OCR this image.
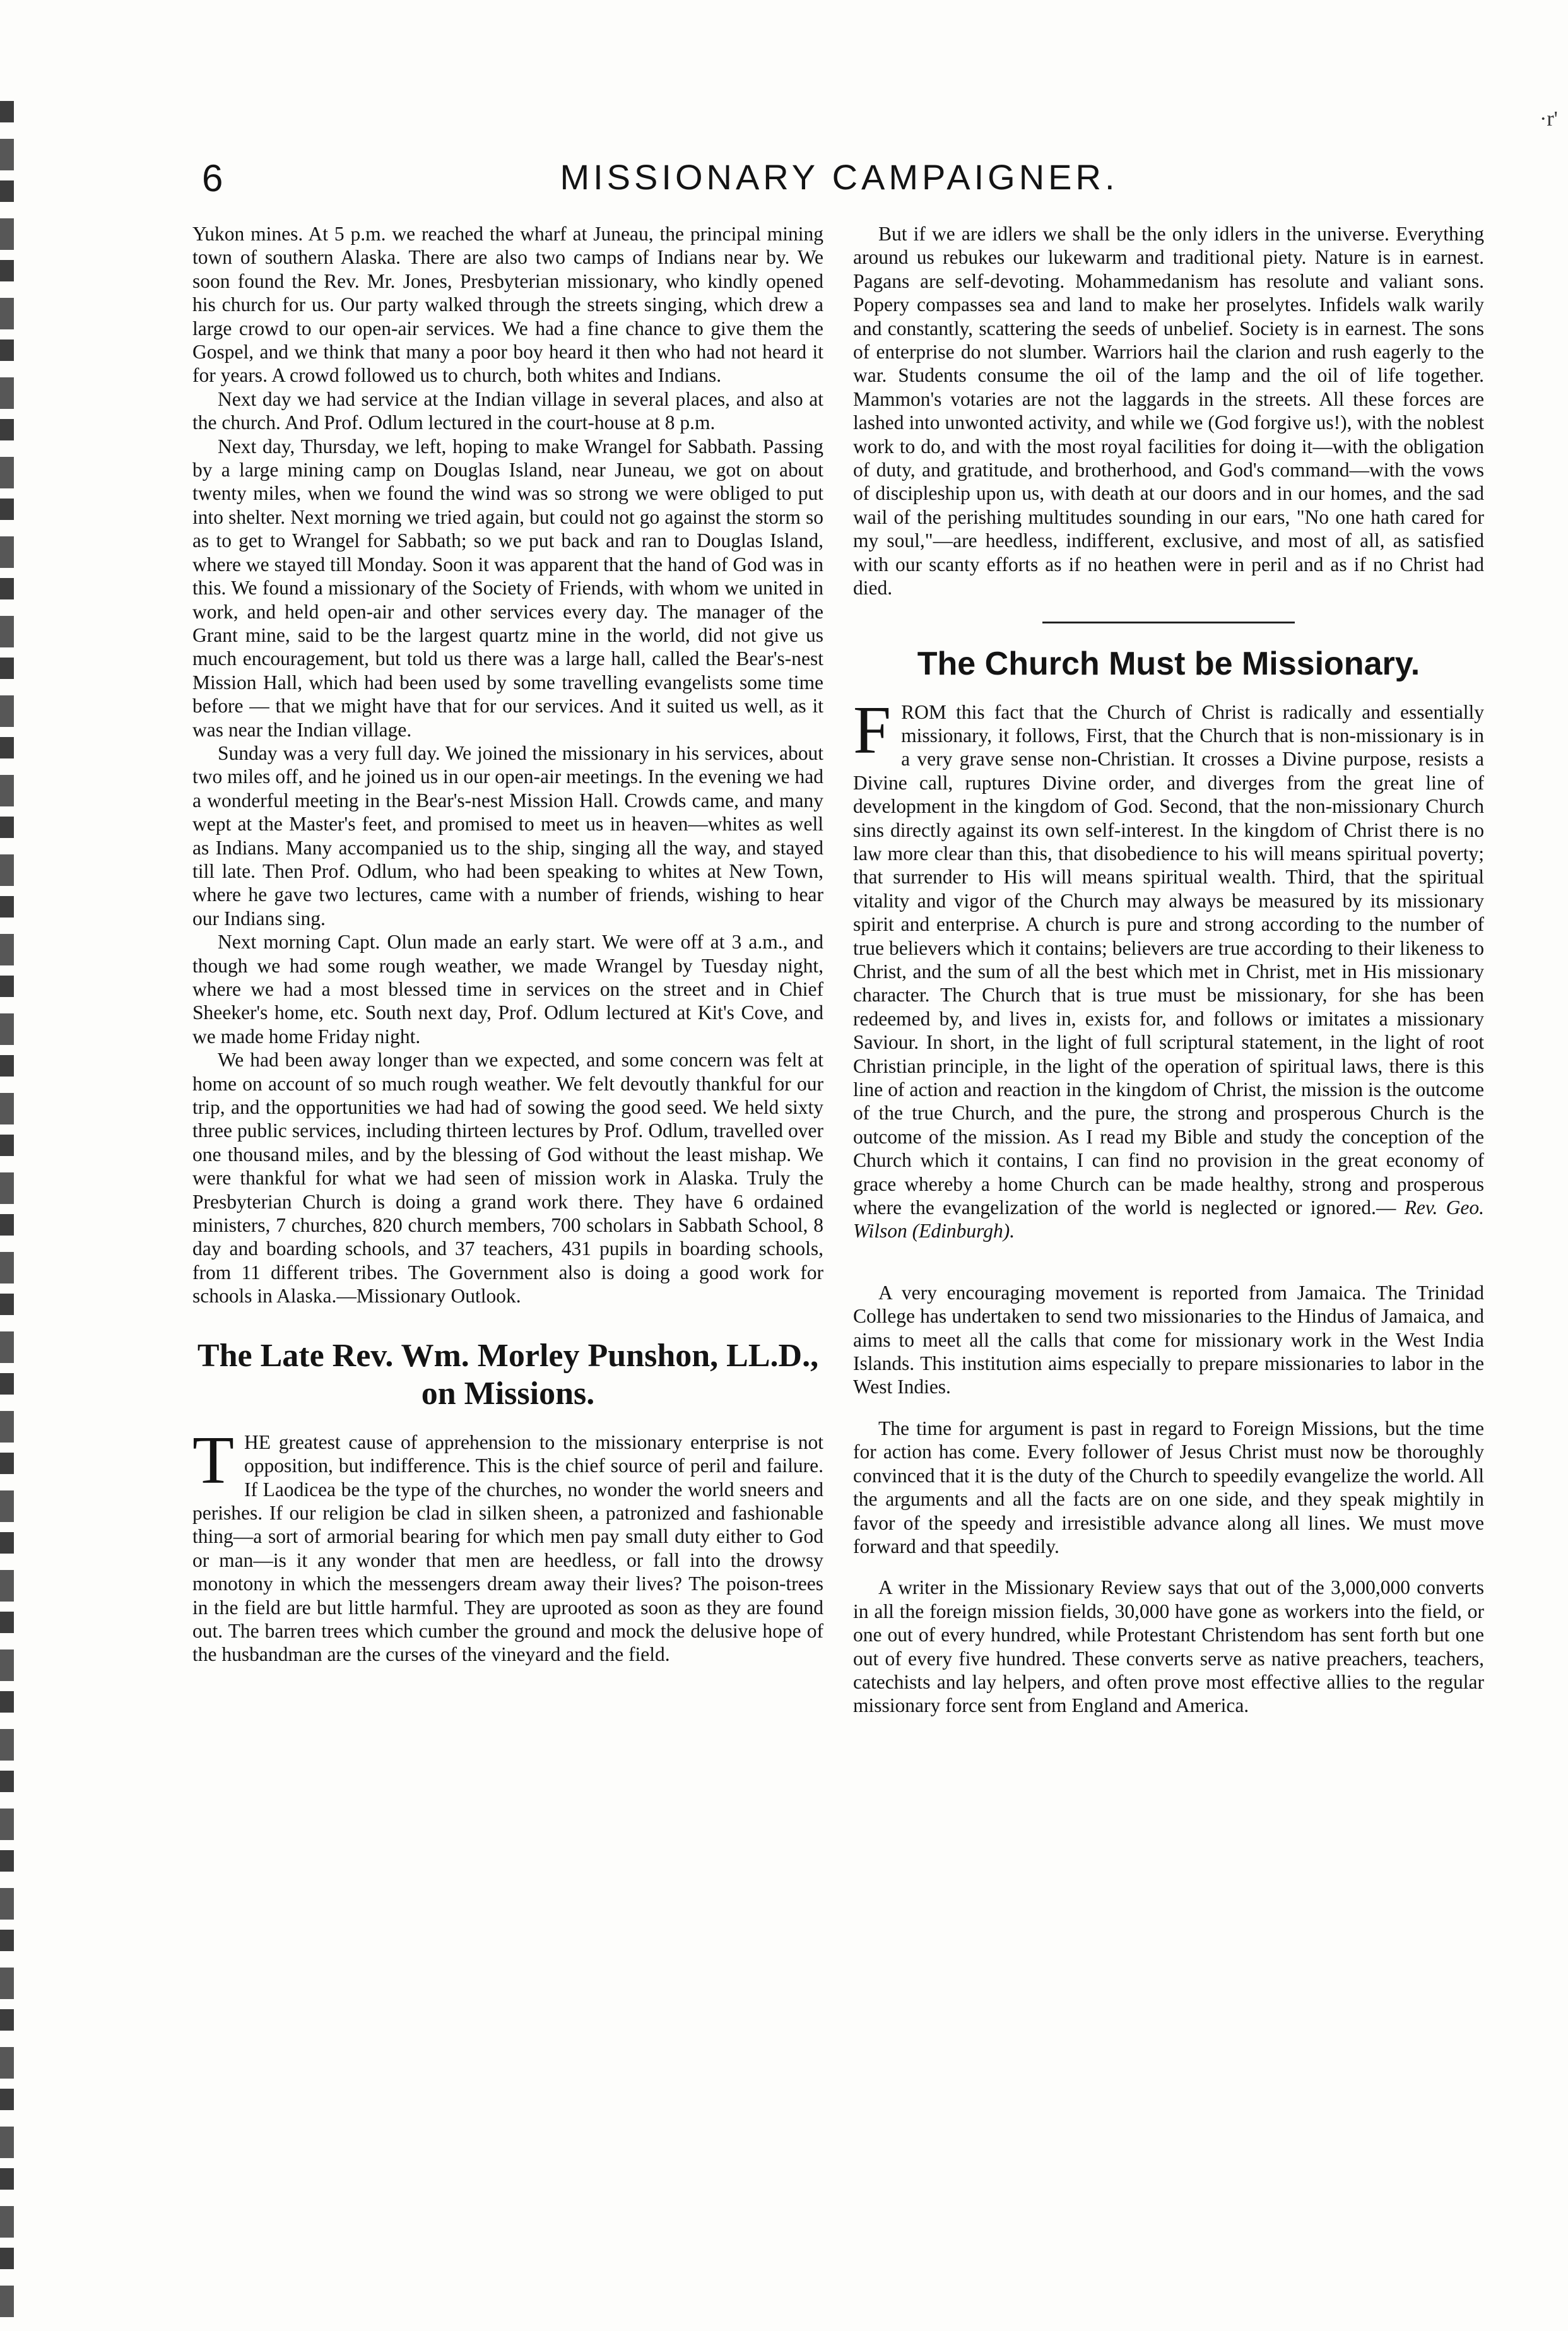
·r'
6	MISSIONARY CAMPAIGNER.

Yukon mines. At 5 p.m. we reached the wharf at Juneau, the principal mining town of southern Alaska. There are also two camps of Indians near by. We soon found the Rev. Mr. Jones, Presbyterian missionary, who kindly opened his church for us. Our party walked through the streets singing, which drew a large crowd to our open-air services. We had a fine chance to give them the Gospel, and we think that many a poor boy heard it then who had not heard it for years. A crowd followed us to church, both whites and Indians.

Next day we had service at the Indian village in several places, and also at the church. And Prof. Odlum lectured in the court-house at 8 p.m.

Next day, Thursday, we left, hoping to make Wrangel for Sabbath. Passing by a large mining camp on Douglas Island, near Juneau, we got on about twenty miles, when we found the wind was so strong we were obliged to put into shelter. Next morning we tried again, but could not go against the storm so as to get to Wrangel for Sabbath; so we put back and ran to Douglas Island, where we stayed till Monday. Soon it was apparent that the hand of God was in this. We found a missionary of the Society of Friends, with whom we united in work, and held open-air and other services every day. The manager of the Grant mine, said to be the largest quartz mine in the world, did not give us much encouragement, but told us there was a large hall, called the Bear's-nest Mission Hall, which had been used by some travelling evangelists some time before — that we might have that for our services. And it suited us well, as it was near the Indian village.

Sunday was a very full day. We joined the missionary in his services, about two miles off, and he joined us in our open-air meetings. In the evening we had a wonderful meeting in the Bear's-nest Mission Hall. Crowds came, and many wept at the Master's feet, and promised to meet us in heaven—whites as well as Indians. Many accompanied us to the ship, singing all the way, and stayed till late. Then Prof. Odlum, who had been speaking to whites at New Town, where he gave two lectures, came with a number of friends, wishing to hear our Indians sing.

Next morning Capt. Olun made an early start. We were off at 3 a.m., and though we had some rough weather, we made Wrangel by Tuesday night, where we had a most blessed time in services on the street and in Chief Sheeker's home, etc. South next day, Prof. Odlum lectured at Kit's Cove, and we made home Friday night.

We had been away longer than we expected, and some concern was felt at home on account of so much rough weather. We felt devoutly thankful for our trip, and the opportunities we had had of sowing the good seed. We held sixty three public services, including thirteen lectures by Prof. Odlum, travelled over one thousand miles, and by the blessing of God without the least mishap. We were thankful for what we had seen of mission work in Alaska. Truly the Presbyterian Church is doing a grand work there. They have 6 ordained ministers, 7 churches, 820 church members, 700 scholars in Sabbath School, 8 day and boarding schools, and 37 teachers, 431 pupils in boarding schools, from 11 different tribes. The Government also is doing a good work for schools in Alaska.—Missionary Outlook.

The Late Rev. Wm. Morley Punshon, LL.D., on Missions.

THE greatest cause of apprehension to the missionary enterprise is not opposition, but indifference. This is the chief source of peril and failure. If Laodicea be the type of the churches, no wonder the world sneers and perishes. If our religion be clad in silken sheen, a patronized and fashionable thing—a sort of armorial bearing for which men pay small duty either to God or man—is it any wonder that men are heedless, or fall into the drowsy monotony in which the messengers dream away their lives? The poison-trees in the field are but little harmful. They are uprooted as soon as they are found out. The barren trees which cumber the ground and mock the delusive hope of the husbandman are the curses of the vineyard and the field.

But if we are idlers we shall be the only idlers in the universe. Everything around us rebukes our lukewarm and traditional piety. Nature is in earnest. Pagans are self-devoting. Mohammedanism has resolute and valiant sons. Popery compasses sea and land to make her proselytes. Infidels walk warily and constantly, scattering the seeds of unbelief. Society is in earnest. The sons of enterprise do not slumber. Warriors hail the clarion and rush eagerly to the war. Students consume the oil of the lamp and the oil of life together. Mammon's votaries are not the laggards in the streets. All these forces are lashed into unwonted activity, and while we (God forgive us!), with the noblest work to do, and with the most royal facilities for doing it—with the obligation of duty, and gratitude, and brotherhood, and God's command—with the vows of discipleship upon us, with death at our doors and in our homes, and the sad wail of the perishing multitudes sounding in our ears, "No one hath cared for my soul,"—are heedless, indifferent, exclusive, and most of all, as satisfied with our scanty efforts as if no heathen were in peril and as if no Christ had died.

The Church Must be Missionary.

FROM this fact that the Church of Christ is radically and essentially missionary, it follows, First, that the Church that is non-missionary is in a very grave sense non-Christian. It crosses a Divine purpose, resists a Divine call, ruptures Divine order, and diverges from the great line of development in the kingdom of God. Second, that the non-missionary Church sins directly against its own self-interest. In the kingdom of Christ there is no law more clear than this, that disobedience to his will means spiritual poverty; that surrender to His will means spiritual wealth. Third, that the spiritual vitality and vigor of the Church may always be measured by its missionary spirit and enterprise. A church is pure and strong according to the number of true believers which it contains; believers are true according to their likeness to Christ, and the sum of all the best which met in Christ, met in His missionary character. The Church that is true must be missionary, for she has been redeemed by, and lives in, exists for, and follows or imitates a missionary Saviour. In short, in the light of full scriptural statement, in the light of root Christian principle, in the light of the operation of spiritual laws, there is this line of action and reaction in the kingdom of Christ, the mission is the outcome of the true Church, and the pure, the strong and prosperous Church is the outcome of the mission. As I read my Bible and study the conception of the Church which it contains, I can find no provision in the great economy of grace whereby a home Church can be made healthy, strong and prosperous where the evangelization of the world is neglected or ignored.— Rev. Geo. Wilson (Edinburgh).

A very encouraging movement is reported from Jamaica. The Trinidad College has undertaken to send two missionaries to the Hindus of Jamaica, and aims to meet all the calls that come for missionary work in the West India Islands. This institution aims especially to prepare missionaries to labor in the West Indies.

The time for argument is past in regard to Foreign Missions, but the time for action has come. Every follower of Jesus Christ must now be thoroughly convinced that it is the duty of the Church to speedily evangelize the world. All the arguments and all the facts are on one side, and they speak mightily in favor of the speedy and irresistible advance along all lines. We must move forward and that speedily.

A writer in the Missionary Review says that out of the 3,000,000 converts in all the foreign mission fields, 30,000 have gone as workers into the field, or one out of every hundred, while Protestant Christendom has sent forth but one out of every five hundred. These converts serve as native preachers, teachers, catechists and lay helpers, and often prove most effective allies to the regular missionary force sent from England and America.
